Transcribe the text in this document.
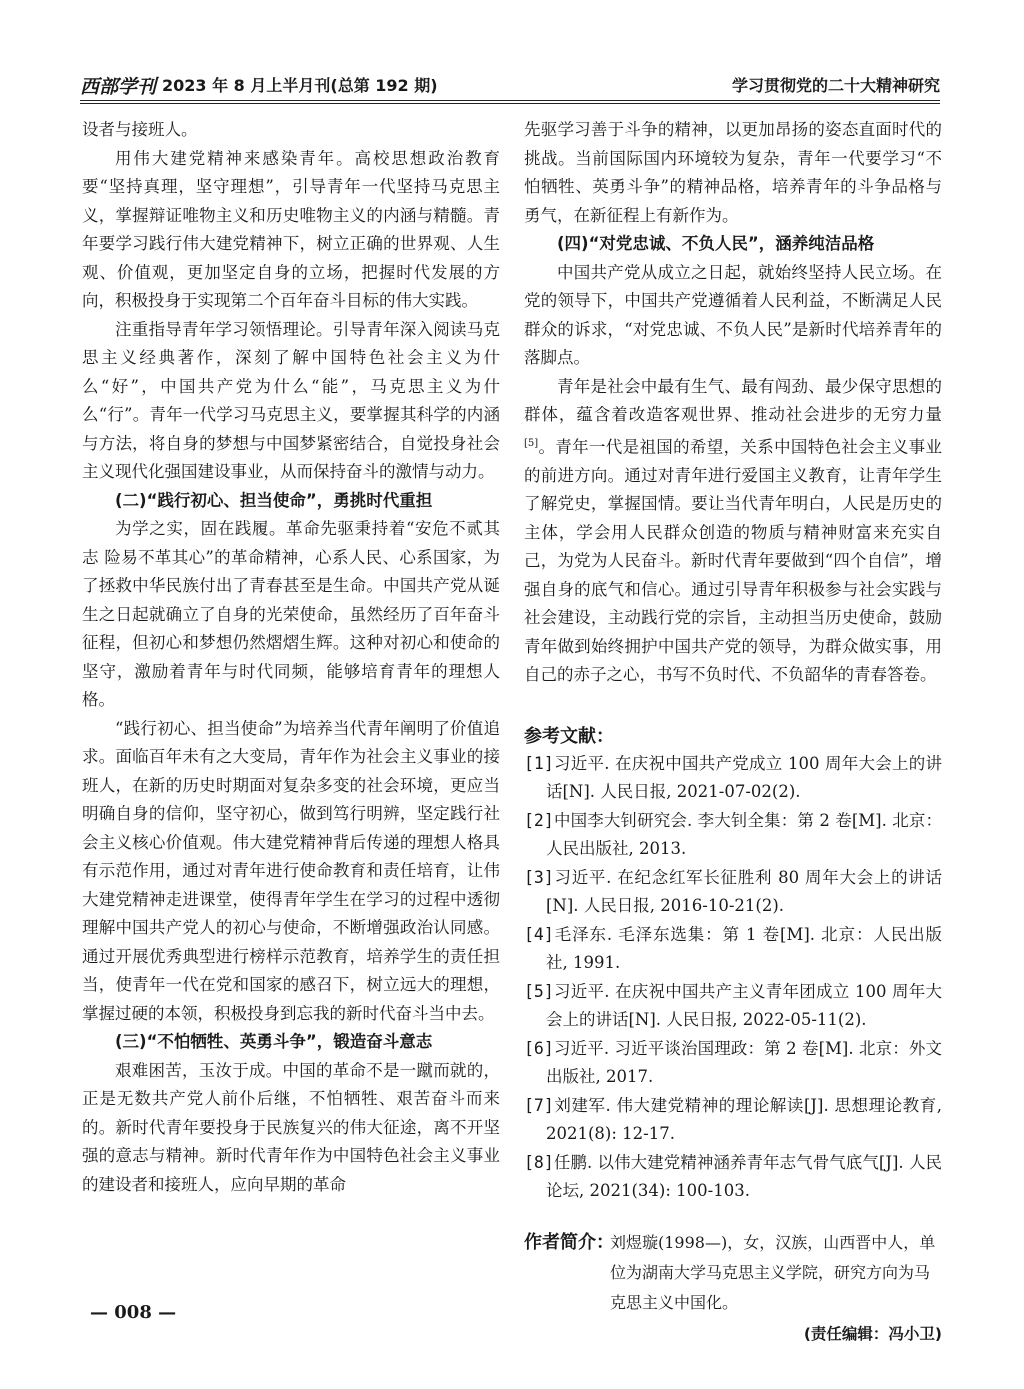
西部学刊 2023 年 8 月上半月刊(总第 192 期)	学习贯彻党的二十大精神研究

设者与接班人。

用伟大建党精神来感染青年。高校思想政治教育要“坚持真理，坚守理想”，引导青年一代坚持马克思主义，掌握辩证唯物主义和历史唯物主义的内涵与精髓。青年要学习践行伟大建党精神下，树立正确的世界观、人生观、价值观，更加坚定自身的立场，把握时代发展的方向，积极投身于实现第二个百年奋斗目标的伟大实践。

注重指导青年学习领悟理论。引导青年深入阅读马克思主义经典著作，深刻了解中国特色社会主义为什么“好”，中国共产党为什么“能”，马克思主义为什么“行”。青年一代学习马克思主义，要掌握其科学的内涵与方法，将自身的梦想与中国梦紧密结合，自觉投身社会主义现代化强国建设事业，从而保持奋斗的激情与动力。

(二)“践行初心、担当使命”，勇挑时代重担

为学之实，固在践履。革命先驱秉持着“安危不贰其志 险易不革其心”的革命精神，心系人民、心系国家，为了拯救中华民族付出了青春甚至是生命。中国共产党从诞生之日起就确立了自身的光荣使命，虽然经历了百年奋斗征程，但初心和梦想仍然熠熠生辉。这种对初心和使命的坚守，激励着青年与时代同频，能够培育青年的理想人格。

“践行初心、担当使命”为培养当代青年阐明了价值追求。面临百年未有之大变局，青年作为社会主义事业的接班人，在新的历史时期面对复杂多变的社会环境，更应当明确自身的信仰，坚守初心，做到笃行明辨，坚定践行社会主义核心价值观。伟大建党精神背后传递的理想人格具有示范作用，通过对青年进行使命教育和责任培育，让伟大建党精神走进课堂，使得青年学生在学习的过程中透彻理解中国共产党人的初心与使命，不断增强政治认同感。通过开展优秀典型进行榜样示范教育，培养学生的责任担当，使青年一代在党和国家的感召下，树立远大的理想，掌握过硬的本领，积极投身到忘我的新时代奋斗当中去。

(三)“不怕牺牲、英勇斗争”，锻造奋斗意志

艰难困苦，玉汝于成。中国的革命不是一蹴而就的，正是无数共产党人前仆后继，不怕牺牲、艰苦奋斗而来的。新时代青年要投身于民族复兴的伟大征途，离不开坚强的意志与精神。新时代青年作为中国特色社会主义事业的建设者和接班人，应向早期的革命

先驱学习善于斗争的精神，以更加昂扬的姿态直面时代的挑战。当前国际国内环境较为复杂，青年一代要学习“不怕牺牲、英勇斗争”的精神品格，培养青年的斗争品格与勇气，在新征程上有新作为。

(四)“对党忠诚、不负人民”，涵养纯洁品格

中国共产党从成立之日起，就始终坚持人民立场。在党的领导下，中国共产党遵循着人民利益，不断满足人民群众的诉求，“对党忠诚、不负人民”是新时代培养青年的落脚点。

青年是社会中最有生气、最有闯劲、最少保守思想的群体，蕴含着改造客观世界、推动社会进步的无穷力量[5]。青年一代是祖国的希望，关系中国特色社会主义事业的前进方向。通过对青年进行爱国主义教育，让青年学生了解党史，掌握国情。要让当代青年明白，人民是历史的主体，学会用人民群众创造的物质与精神财富来充实自己，为党为人民奋斗。新时代青年要做到“四个自信”，增强自身的底气和信心。通过引导青年积极参与社会实践与社会建设，主动践行党的宗旨，主动担当历史使命，鼓励青年做到始终拥护中国共产党的领导，为群众做实事，用自己的赤子之心，书写不负时代、不负韶华的青春答卷。

参考文献：

[1]习近平. 在庆祝中国共产党成立 100 周年大会上的讲话[N]. 人民日报, 2021-07-02(2).

[2]中国李大钊研究会. 李大钊全集：第 2 卷[M]. 北京：人民出版社, 2013.

[3]习近平. 在纪念红军长征胜利 80 周年大会上的讲话[N]. 人民日报, 2016-10-21(2).

[4]毛泽东. 毛泽东选集：第 1 卷[M]. 北京：人民出版社, 1991.

[5]习近平. 在庆祝中国共产主义青年团成立 100 周年大会上的讲话[N]. 人民日报, 2022-05-11(2).

[6]习近平. 习近平谈治国理政：第 2 卷[M]. 北京：外文出版社, 2017.

[7]刘建军. 伟大建党精神的理论解读[J]. 思想理论教育, 2021(8): 12-17.

[8]任鹏. 以伟大建党精神涵养青年志气骨气底气[J]. 人民论坛, 2021(34): 100-103.

作者简介：
刘煜璇(1998—)，女，汉族，山西晋中人，单位为湖南大学马克思主义学院，研究方向为马克思主义中国化。
(责任编辑：冯小卫)
— 008 —
